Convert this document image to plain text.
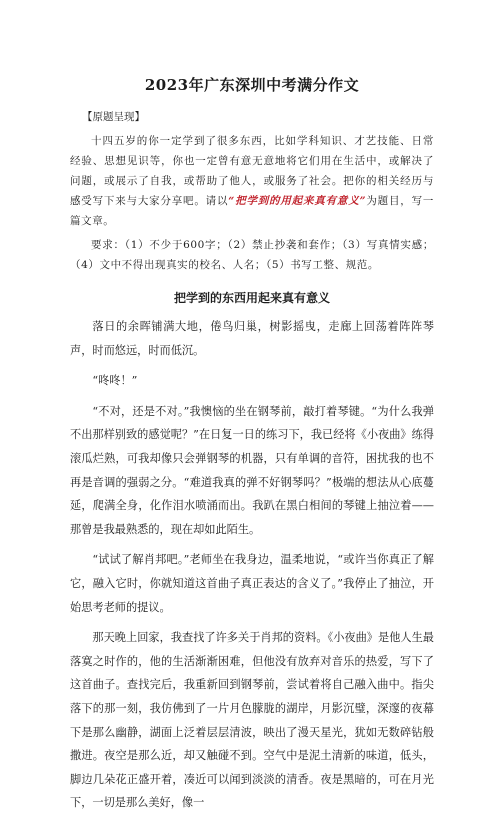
2023年广东深圳中考满分作文
【原题呈现】

十四五岁的你一定学到了很多东西，比如学科知识、才艺技能、日常经验、思想见识等，你也一定曾有意无意地将它们用在生活中，或解决了问题，或展示了自我，或帮助了他人，或服务了社会。把你的相关经历与感受写下来与大家分享吧。请以“把学到的用起来真有意义”为题目，写一篇文章。

要求：（1）不少于600字；（2）禁止抄袭和套作；（3）写真情实感；（4）文中不得出现真实的校名、人名；（5）书写工整、规范。

把学到的东西用起来真有意义

落日的余晖铺满大地，倦鸟归巢，树影摇曳，走廊上回荡着阵阵琴声，时而悠远，时而低沉。

“咚咚！”

“不对，还是不对。”我懊恼的坐在钢琴前，敲打着琴键。“为什么我弹不出那样别致的感觉呢？”在日复一日的练习下，我已经将《小夜曲》练得滚瓜烂熟，可我却像只会弹钢琴的机器，只有单调的音符，困扰我的也不再是音调的强弱之分。“难道我真的弹不好钢琴吗？”极端的想法从心底蔓延，爬满全身，化作泪水喷涌而出。我趴在黑白相间的琴键上抽泣着——那曾是我最熟悉的，现在却如此陌生。

“试试了解肖邦吧。”老师坐在我身边，温柔地说，“或许当你真正了解它，融入它时，你就知道这首曲子真正表达的含义了。”我停止了抽泣，开始思考老师的提议。

那天晚上回家，我查找了许多关于肖邦的资料。《小夜曲》是他人生最落寞之时作的，他的生活渐渐困难，但他没有放弃对音乐的热爱，写下了这首曲子。查找完后，我重新回到钢琴前，尝试着将自己融入曲中。指尖落下的那一刻，我仿佛到了一片月色朦胧的湖岸，月影沉璧，深邃的夜幕下是那么幽静，湖面上泛着层层清波，映出了漫天星光，犹如无数碎钻般撒进。夜空是那么近，却又触碰不到。空气中是泥土清新的味道，低头，脚边几朵花正盛开着，凑近可以闻到淡淡的清香。夜是黑暗的，可在月光下，一切是那么美好，像一
